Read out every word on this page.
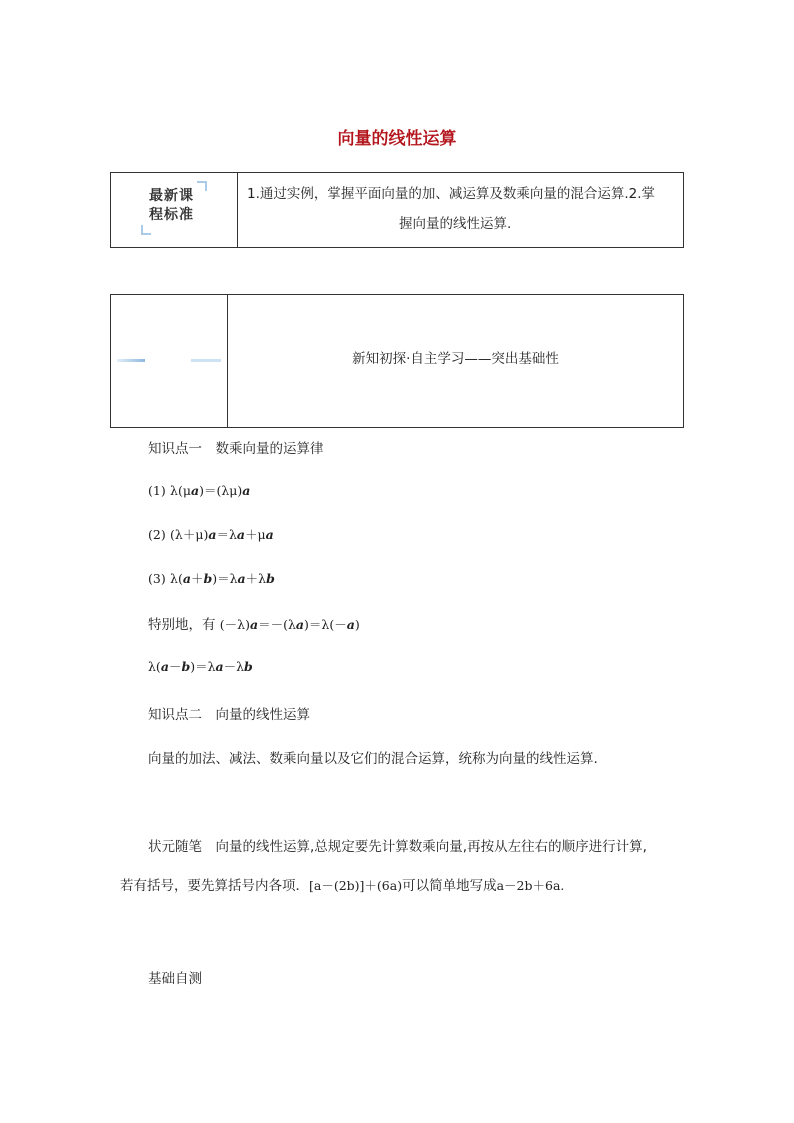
向量的线性运算
最新课
程标准
1.通过实例，掌握平面向量的加、减运算及数乘向量的混合运算.2.掌
握向量的线性运算.
新知初探·自主学习——突出基础性
知识点一　数乘向量的运算律
(1) λ(μa)＝(λμ)a
(2) (λ＋μ)a＝λa＋μa
(3) λ(a＋b)＝λa＋λb
特别地，有 (－λ)a＝－(λa)＝λ(－a)
λ(a－b)＝λa－λb
知识点二　向量的线性运算
向量的加法、减法、数乘向量以及它们的混合运算，统称为向量的线性运算.
状元随笔　向量的线性运算,总规定要先计算数乘向量,再按从左往右的顺序进行计算,
若有括号，要先算括号内各项．[a－(2b)]＋(6a)可以简单地写成a－2b＋6a.
基础自测
